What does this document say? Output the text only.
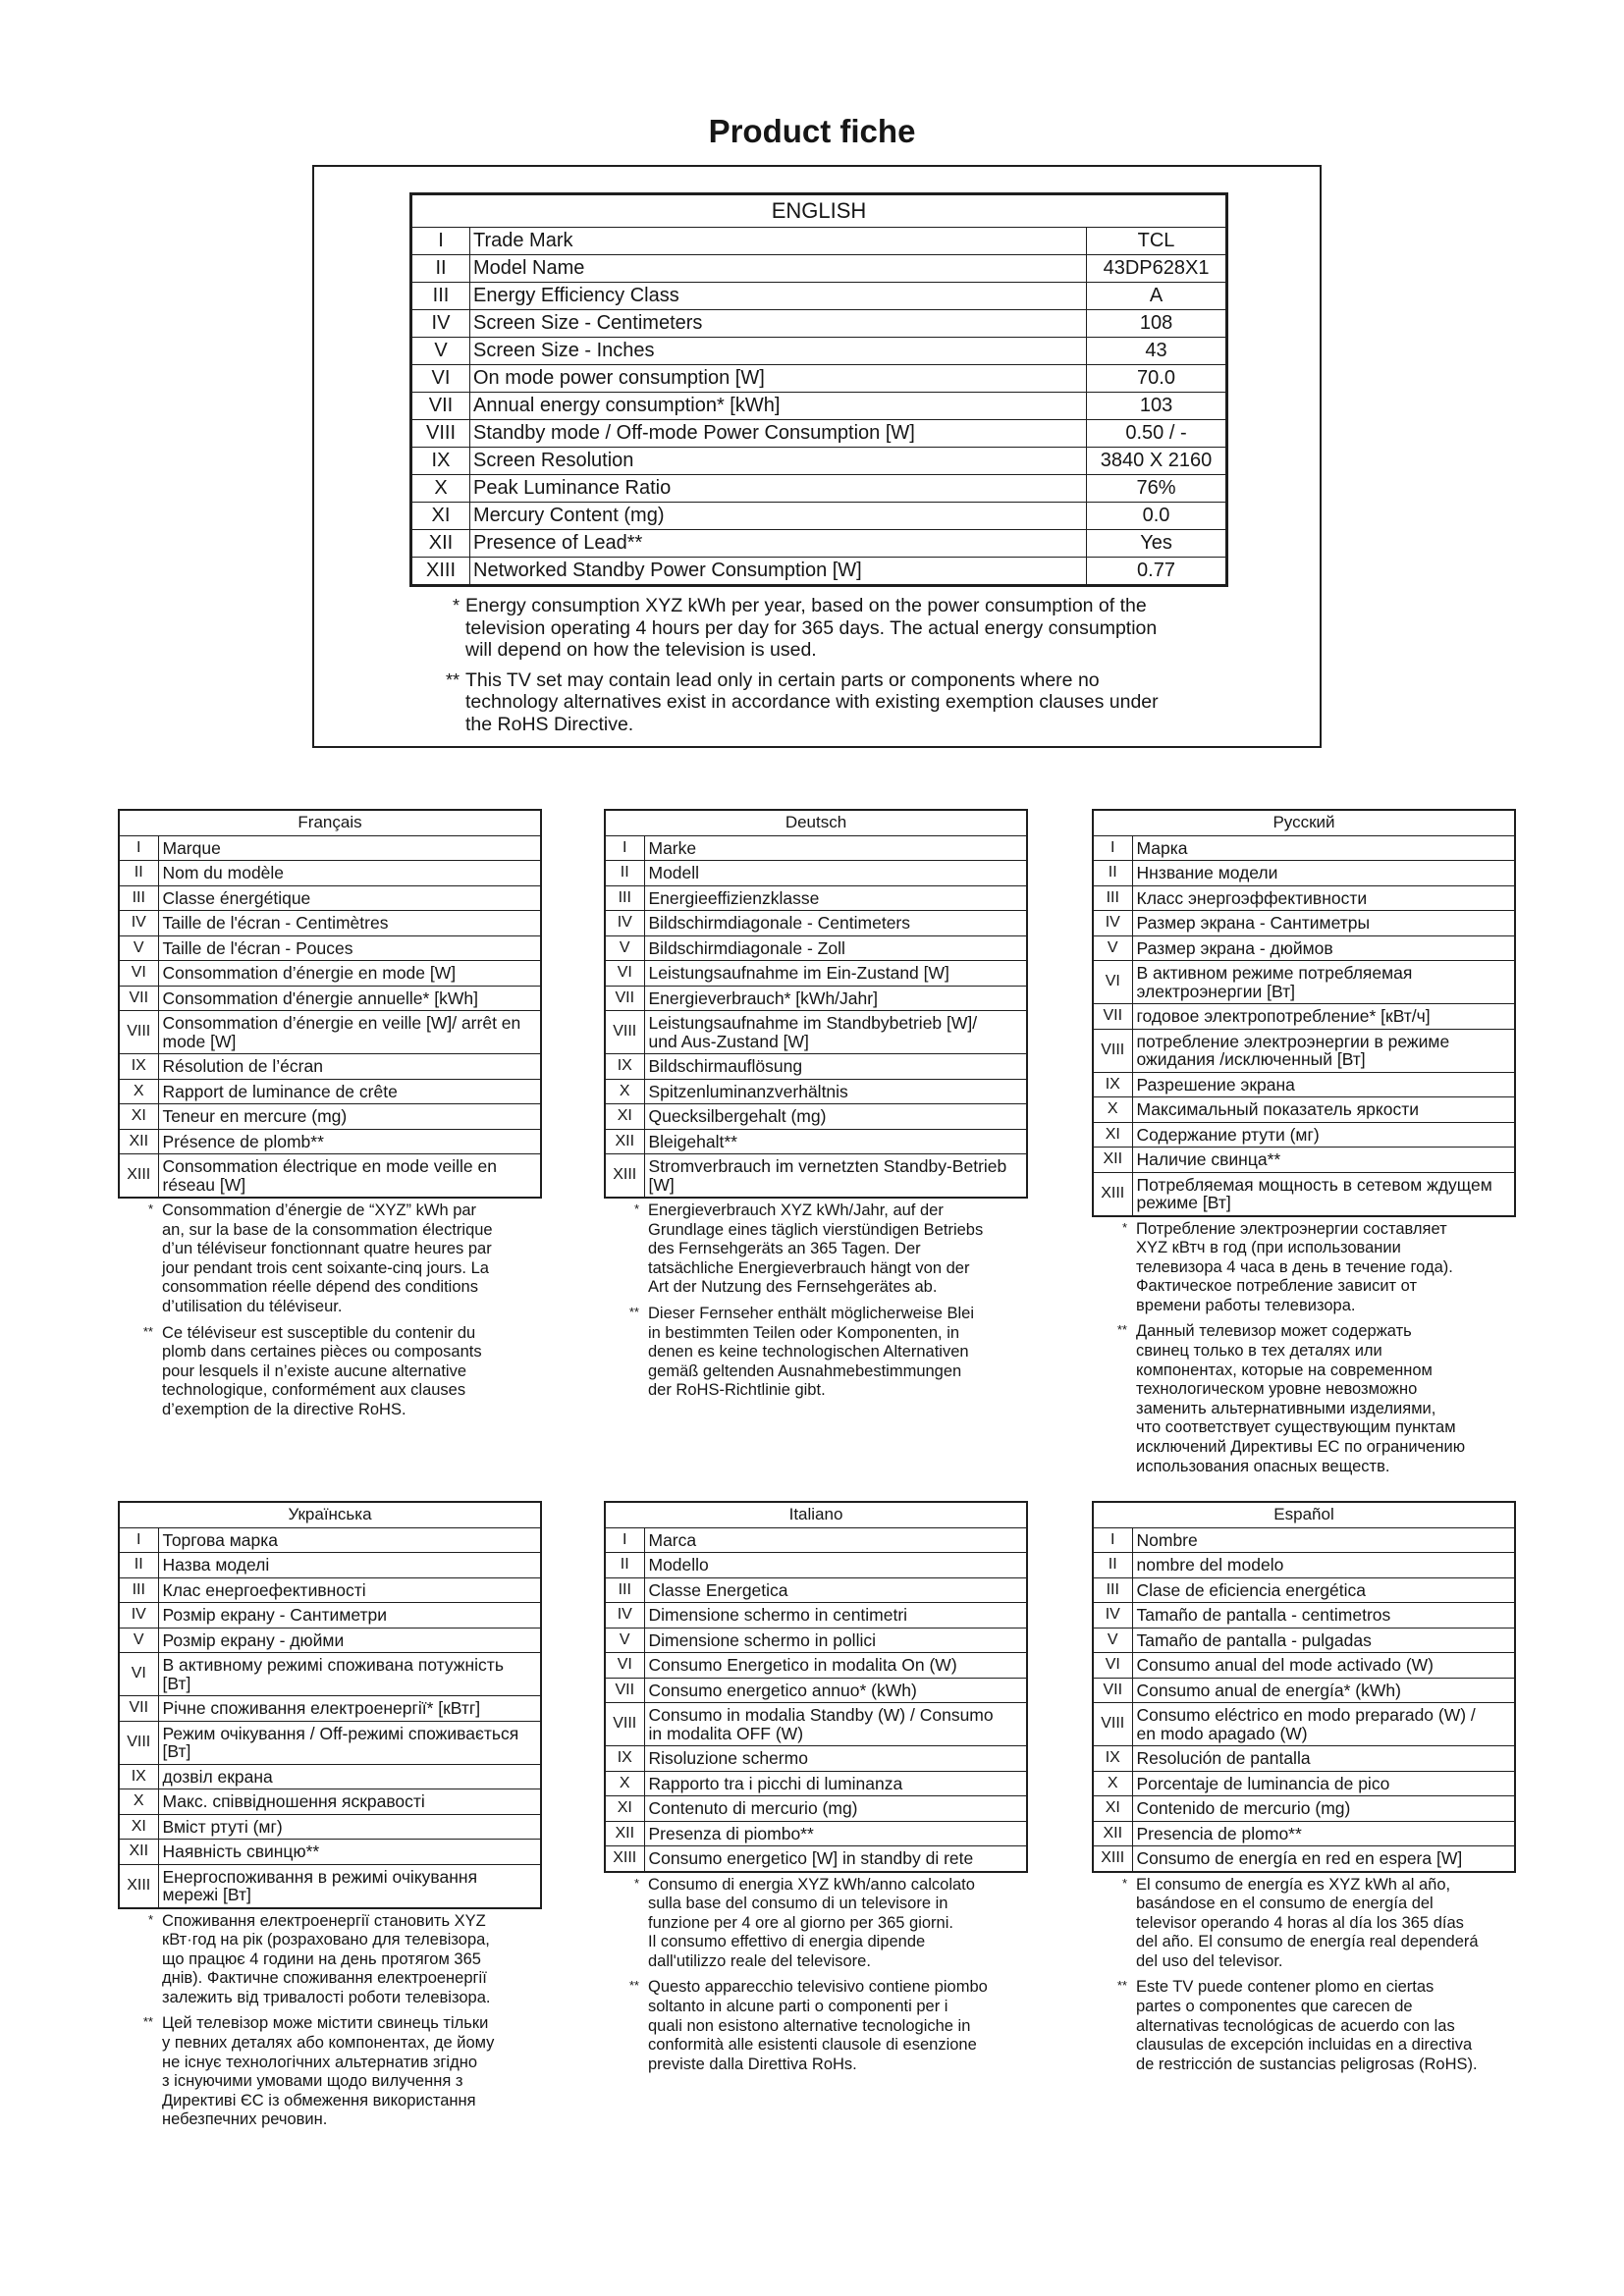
Product fiche
ENGLISH		
I	Trade Mark	TCL
II	Model Name	43DP628X1
III	Energy Efficiency Class	A
IV	Screen Size - Centimeters	108
V	Screen Size - Inches	43
VI	On mode power consumption [W]	70.0
VII	Annual energy consumption* [kWh]	103
VIII	Standby mode / Off-mode Power Consumption [W]	0.50 / -
IX	Screen Resolution	3840 X 2160
X	Peak Luminance Ratio	76%
XI	Mercury Content (mg)	0.0
XII	Presence of Lead**	Yes
XIII	Networked Standby Power Consumption [W]	0.77
* Energy consumption XYZ kWh per year, based on the power consumption of the
television operating 4 hours per day for 365 days. The actual energy consumption
will depend on how the television is used.
** This TV set may contain lead only in certain parts or components where no
technology alternatives exist in accordance with existing exemption clauses under
the RoHS Directive.
Français	
I	Marque
II	Nom du modèle
III	Classe énergétique
IV	Taille de l'écran - Centimètres
V	Taille de l'écran - Pouces
VI	Consommation d’énergie en mode [W]
VII	Consommation d'énergie annuelle* [kWh]
VIII	Consommation d’énergie en veille [W]/ arrêt en
mode [W]
IX	Résolution de l’écran
X	Rapport de luminance de crête
XI	Teneur en mercure (mg)
XII	Présence de plomb**
XIII	Consommation électrique en mode veille en
réseau [W]
* Consommation d’énergie de “XYZ” kWh par
an, sur la base de la consommation électrique
d’un téléviseur fonctionnant quatre heures par
jour pendant trois cent soixante-cinq jours. La
consommation réelle dépend des conditions
d’utilisation du téléviseur.
** Ce téléviseur est susceptible du contenir du
plomb dans certaines pièces ou composants
pour lesquels il n’existe aucune alternative
technologique, conformément aux clauses
d’exemption de la directive RoHS.
Deutsch	
I	Marke
II	Modell
III	Energieeffizienzklasse
IV	Bildschirmdiagonale - Centimeters
V	Bildschirmdiagonale - Zoll
VI	Leistungsaufnahme im Ein-Zustand [W]
VII	Energieverbrauch* [kWh/Jahr]
VIII	Leistungsaufnahme im Standbybetrieb [W]/
und Aus-Zustand [W]
IX	Bildschirmauflösung
X	Spitzenluminanzverhältnis
XI	Quecksilbergehalt (mg)
XII	Bleigehalt**
XIII	Stromverbrauch im vernetzten Standby-Betrieb
[W]
* Energieverbrauch XYZ kWh/Jahr, auf der
Grundlage eines täglich vierstündigen Betriebs
des Fernsehgeräts an 365 Tagen. Der
tatsächliche Energieverbrauch hängt von der
Art der Nutzung des Fernsehgerätes ab.
** Dieser Fernseher enthält möglicherweise Blei
in bestimmten Teilen oder Komponenten, in
denen es keine technologischen Alternativen
gemäß geltenden Ausnahmebestimmungen
der RoHS-Richtlinie gibt.
Русский	
I	Марка
II	Ннзвание модели
III	Класс энергоэффективности
IV	Размер экрана - Сантиметры
V	Размер экрана - дюймов
VI	В активном режиме потребляемая
электроэнергии [Вт]
VII	годовое электропотребление* [кВт/ч]
VIII	потребление электроэнергии в режиме
ожидания /исключенный [Вт]
IX	Разрешение экрана
X	Максимальный показатель яркости
XI	Содержание ртути (мг)
XII	Наличие свинца**
XIII	Потребляемая мощность в сетевом ждущем
режиме [Вт]
* Потребление электроэнергии составляет
XYZ кВтч в год (при использовании
телевизора 4 часа в день в течение года).
Фактическое потребление зависит от
времени работы телевизора.
** Данный телевизор может содержать
свинец только в тех деталях или
компонентах, которые на современном
технологическом уровне невозможно
заменить альтернативными изделиями,
что соответствует существующим пунктам
исключений Директивы ЕС по ограничению
использования опасных веществ.
Українська	
I	Торгова марка
II	Назва моделі
III	Клас енергоефективності
IV	Розмір екрану - Сантиметри
V	Розмір екрану - дюйми
VI	В активному режимі споживана потужність
[Вт]
VII	Річне споживання електроенергії* [кВтг]
VIII	Режим очікування / Off-режимі споживається
[Вт]
IX	дозвіл екрана
X	Макс. співвідношення яскравості
XI	Вміст ртуті (мг)
XII	Наявність свинцю**
XIII	Енергоспоживання в режимі очікування
мережі [Вт]
* Споживання електроенергії становить XYZ
кВт·год на рік (розраховано для телевізора,
що працює 4 години на день протягом 365
днів). Фактичне споживання електроенергії
залежить від тривалості роботи телевізора.
** Цей телевізор може містити свинець тільки
у певних деталях або компонентах, де йому
не існує технологічних альтернатив згідно
з існуючими умовами щодо вилучення з
Директиві ЄС із обмеження використання
небезпечних речовин.
Italiano	
I	Marca
II	Modello
III	Classe Energetica
IV	Dimensione schermo in centimetri
V	Dimensione schermo in pollici
VI	Consumo Energetico in modalita On (W)
VII	Consumo energetico annuo* (kWh)
VIII	Consumo in modalia Standby (W) / Consumo
in modalita OFF (W)
IX	Risoluzione schermo
X	Rapporto tra i picchi di luminanza
XI	Contenuto di mercurio (mg)
XII	Presenza di piombo**
XIII	Consumo energetico [W] in standby di rete
* Consumo di energia XYZ kWh/anno calcolato
sulla base del consumo di un televisore in
funzione per 4 ore al giorno per 365 giorni.
Il consumo effettivo di energia dipende
dall'utilizzo reale del televisore.
** Questo apparecchio televisivo contiene piombo
soltanto in alcune parti o componenti per i
quali non esistono alternative tecnologiche in
conformità alle esistenti clausole di esenzione
previste dalla Direttiva RoHs.
Español	
I	Nombre
II	nombre del modelo
III	Clase de eficiencia energética
IV	Tamaño de pantalla - centimetros
V	Tamaño de pantalla - pulgadas
VI	Consumo anual del mode activado (W)
VII	Consumo anual de energía* (kWh)
VIII	Consumo eléctrico en modo preparado (W) /
en modo apagado (W)
IX	Resolución de pantalla
X	Porcentaje de luminancia de pico
XI	Contenido de mercurio (mg)
XII	Presencia de plomo**
XIII	Consumo de energía en red en espera [W]
* El consumo de energía es XYZ kWh al año,
basándose en el consumo de energía del
televisor operando 4 horas al día los 365 días
del año. El consumo de energía real dependerá
del uso del televisor.
** Este TV puede contener plomo en ciertas
partes o componentes que carecen de
alternativas tecnológicas de acuerdo con las
clausulas de excepción incluidas en a directiva
de restricción de sustancias peligrosas (RoHS).
